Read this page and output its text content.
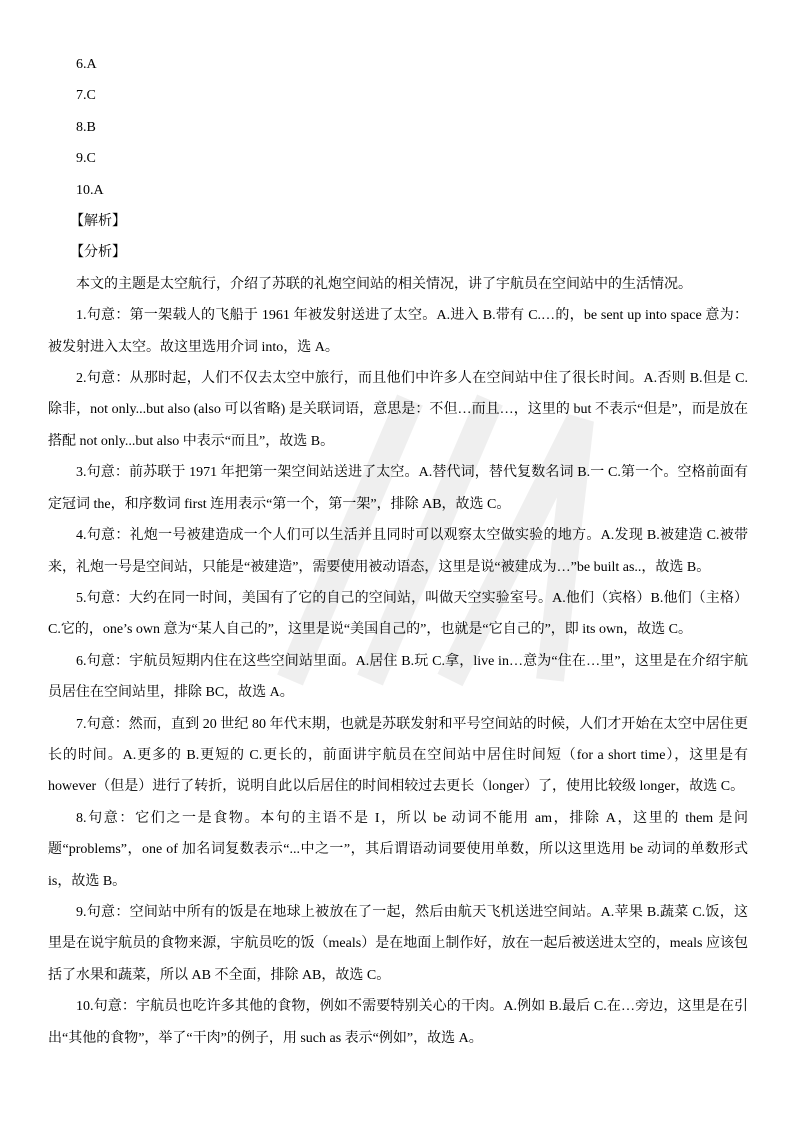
6.A

7.C

8.B

9.C

10.A

【解析】

【分析】

本文的主题是太空航行，介绍了苏联的礼炮空间站的相关情况，讲了宇航员在空间站中的生活情况。

1.句意：第一架载人的飞船于 1961 年被发射送进了太空。A.进入 B.带有 C.…的，be sent up into space 意为：被发射进入太空。故这里选用介词 into，选 A。

2.句意：从那时起，人们不仅去太空中旅行，而且他们中许多人在空间站中住了很长时间。A.否则 B.但是 C.除非，not only...but also (also 可以省略) 是关联词语，意思是：不但…而且…，这里的 but 不表示“但是”，而是放在搭配 not only...but also 中表示“而且”，故选 B。

3.句意：前苏联于 1971 年把第一架空间站送进了太空。A.替代词，替代复数名词 B.一 C.第一个。空格前面有定冠词 the，和序数词 first 连用表示“第一个，第一架”，排除 AB，故选 C。

4.句意：礼炮一号被建造成一个人们可以生活并且同时可以观察太空做实验的地方。A.发现 B.被建造 C.被带来，礼炮一号是空间站，只能是“被建造”，需要使用被动语态，这里是说“被建成为…”be built as..，故选 B。

5.句意：大约在同一时间，美国有了它的自己的空间站，叫做天空实验室号。A.他们（宾格）B.他们（主格）C.它的，one’s own 意为“某人自己的”，这里是说“美国自己的”，也就是“它自己的”，即 its own，故选 C。

6.句意：宇航员短期内住在这些空间站里面。A.居住 B.玩 C.拿，live in…意为“住在…里”，这里是在介绍宇航员居住在空间站里，排除 BC，故选 A。

7.句意：然而，直到 20 世纪 80 年代末期，也就是苏联发射和平号空间站的时候，人们才开始在太空中居住更长的时间。A.更多的 B.更短的 C.更长的，前面讲宇航员在空间站中居住时间短（for a short time），这里是有 however（但是）进行了转折，说明自此以后居住的时间相较过去更长（longer）了，使用比较级 longer，故选 C。

8.句意：它们之一是食物。本句的主语不是 I，所以 be 动词不能用 am，排除 A，这里的 them 是问题“problems”，one of 加名词复数表示“...中之一”，其后谓语动词要使用单数，所以这里选用 be 动词的单数形式 is，故选 B。

9.句意：空间站中所有的饭是在地球上被放在了一起，然后由航天飞机送进空间站。A.苹果 B.蔬菜 C.饭，这里是在说宇航员的食物来源，宇航员吃的饭（meals）是在地面上制作好，放在一起后被送进太空的，meals 应该包括了水果和蔬菜，所以 AB 不全面，排除 AB，故选 C。

10.句意：宇航员也吃许多其他的食物，例如不需要特别关心的干肉。A.例如 B.最后 C.在…旁边，这里是在引出“其他的食物”，举了“干肉”的例子，用 such as 表示“例如”，故选 A。
